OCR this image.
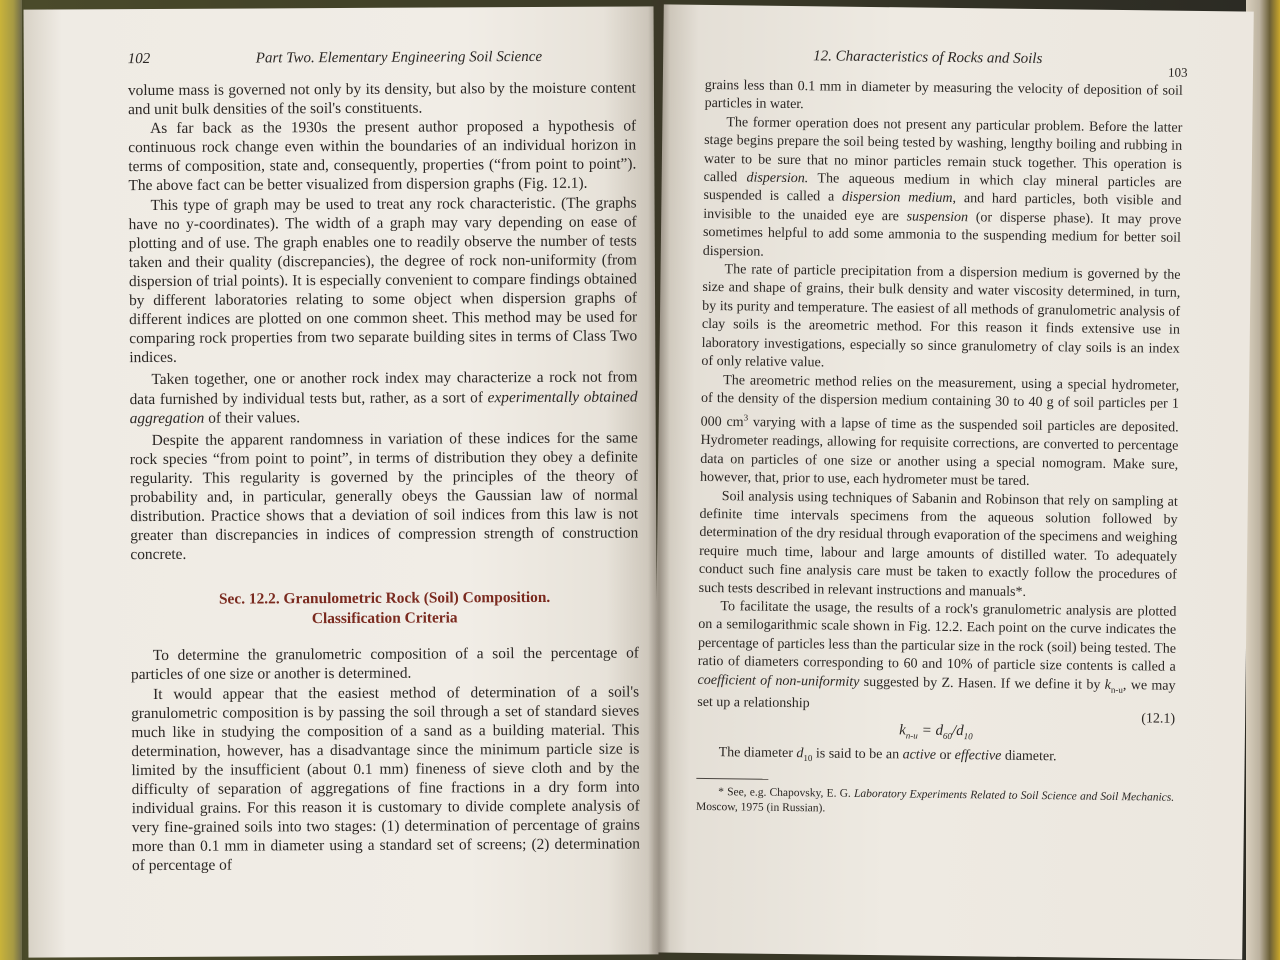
102	Part Two. Elementary Engineering Soil Science

volume mass is governed not only by its density, but also by the moisture content and unit bulk densities of the soil's constituents.

As far back as the 1930s the present author proposed a hypothesis of continuous rock change even within the boundaries of an individual horizon in terms of composition, state and, consequently, properties (“from point to point”). The above fact can be better visualized from dispersion graphs (Fig. 12.1).

This type of graph may be used to treat any rock characteristic. (The graphs have no y-coordinates). The width of a graph may vary depending on ease of plotting and of use. The graph enables one to readily observe the number of tests taken and their quality (discrepancies), the degree of rock non-uniformity (from dispersion of trial points). It is especially convenient to compare findings obtained by different laboratories relating to some object when dispersion graphs of different indices are plotted on one common sheet. This method may be used for comparing rock properties from two separate building sites in terms of Class Two indices.

Taken together, one or another rock index may characterize a rock not from data furnished by individual tests but, rather, as a sort of experimentally obtained aggregation of their values.

Despite the apparent randomness in variation of these indices for the same rock species “from point to point”, in terms of distribution they obey a definite regularity. This regularity is governed by the principles of the theory of probability and, in particular, generally obeys the Gaussian law of normal distribution. Practice shows that a deviation of soil indices from this law is not greater than discrepancies in indices of compression strength of construction concrete.

Sec. 12.2. Granulometric Rock (Soil) Composition.
Classification Criteria

To determine the granulometric composition of a soil the percentage of particles of one size or another is determined.

It would appear that the easiest method of determination of a soil's granulometric composition is by passing the soil through a set of standard sieves much like in studying the composition of a sand as a building material. This determination, however, has a disadvantage since the minimum particle size is limited by the insufficient (about 0.1 mm) fineness of sieve cloth and by the difficulty of separation of aggregations of fine fractions in a dry form into individual grains. For this reason it is customary to divide complete analysis of very fine-grained soils into two stages: (1) determination of percentage of grains more than 0.1 mm in diameter using a standard set of screens; (2) determination of percentage of

12. Characteristics of Rocks and Soils
103

grains less than 0.1 mm in diameter by measuring the velocity of deposition of soil particles in water.

The former operation does not present any particular problem. Before the latter stage begins prepare the soil being tested by washing, lengthy boiling and rubbing in water to be sure that no minor particles remain stuck together. This operation is called dispersion. The aqueous medium in which clay mineral particles are suspended is called a dispersion medium, and hard particles, both visible and invisible to the unaided eye are suspension (or disperse phase). It may prove sometimes helpful to add some ammonia to the suspending medium for better soil dispersion.

The rate of particle precipitation from a dispersion medium is governed by the size and shape of grains, their bulk density and water viscosity determined, in turn, by its purity and temperature. The easiest of all methods of granulometric analysis of clay soils is the areometric method. For this reason it finds extensive use in laboratory investigations, especially so since granulometry of clay soils is an index of only relative value.

The areometric method relies on the measurement, using a special hydrometer, of the density of the dispersion medium containing 30 to 40 g of soil particles per 1 000 $cm^3$ varying with a lapse of time as the suspended soil particles are deposited. Hydrometer readings, allowing for requisite corrections, are converted to percentage data on particles of one size or another using a special nomogram. Make sure, however, that, prior to use, each hydrometer must be tared.

Soil analysis using techniques of Sabanin and Robinson that rely on sampling at definite time intervals specimens from the aqueous solution followed by determination of the dry residual through evaporation of the specimens and weighing require much time, labour and large amounts of distilled water. To adequately conduct such fine analysis care must be taken to exactly follow the procedures of such tests described in relevant instructions and manuals*.

To facilitate the usage, the results of a rock's granulometric analysis are plotted on a semilogarithmic scale shown in Fig. 12.2. Each point on the curve indicates the percentage of particles less than the particular size in the rock (soil) being tested. The ratio of diameters corresponding to 60 and 10% of particle size contents is called a coefficient of non-uniformity suggested by Z. Hasen. If we define it by $k_{n-u}$, we may set up a relationship

$k_{n-u} = d_{60}/d_{10}$
(12.1)

The diameter $d_{10}$ is said to be an active or effective diameter.

* See, e.g. Chapovsky, E. G. Laboratory Experiments Related to Soil Science and Soil Mechanics. Moscow, 1975 (in Russian).
